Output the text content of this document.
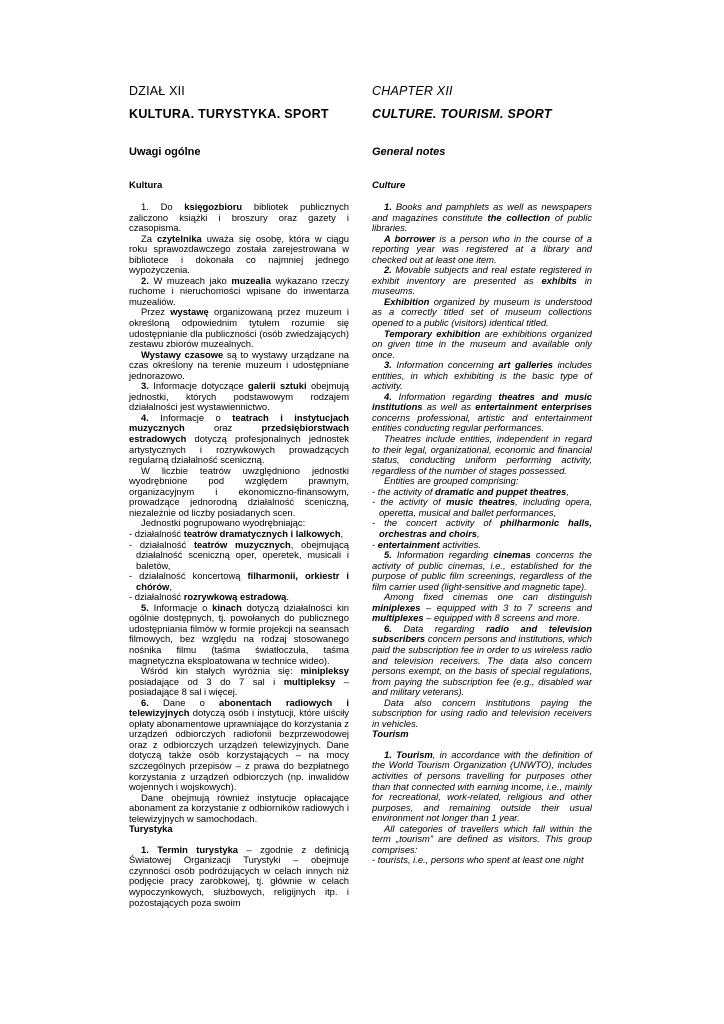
DZIAŁ XII

KULTURA. TURYSTYKA. SPORT

Uwagi ogólne

Kultura

1. Do księgozbioru bibliotek publicznych zaliczono książki i broszury oraz gazety i czasopisma.

Za czytelnika uważa się osobę, która w ciągu roku sprawozdawczego została zarejestrowana w bibliotece i dokonała co najmniej jednego wypożyczenia.

2. W muzeach jako muzealia wykazano rzeczy ruchome i nieruchomości wpisane do inwentarza muzealiów.

Przez wystawę organizowaną przez muzeum i określoną odpowiednim tytułem rozumie się udostępnianie dla publiczności (osób zwiedzających) zestawu zbiorów muzealnych.

Wystawy czasowe są to wystawy urządzane na czas określony na terenie muzeum i udostępniane jednorazowo.

3. Informacje dotyczące galerii sztuki obejmują jednostki, których podstawowym rodzajem działalności jest wystawiennictwo.

4. Informacje o teatrach i instytucjach muzycznych oraz przedsiębiorstwach estradowych dotyczą profesjonalnych jednostek artystycznych i rozrywkowych prowadzących regularną działalność sceniczną.

W liczbie teatrów uwzględniono jednostki wyodrębnione pod względem prawnym, organizacyjnym i ekonomiczno-finansowym, prowadzące jednorodną działalność sceniczną, niezależnie od liczby posiadanych scen.

Jednostki pogrupowano wyodrębniając:

- działalność teatrów dramatycznych i lalkowych,
- działalność teatrów muzycznych, obejmującą działalność sceniczną oper, operetek, musicali i baletów,
- działalność koncertową filharmonii, orkiestr i chórów,
- działalność rozrywkową estradową.

5. Informacje o kinach dotyczą działalności kin ogólnie dostępnych, tj. powołanych do publicznego udostępniania filmów w formie projekcji na seansach filmowych, bez względu na rodzaj stosowanego nośnika filmu (taśma światłoczuła, taśma magnetyczna eksploatowana w technice wideo).

Wśród kin stałych wyróżnia się: minipleksy posiadające od 3 do 7 sal i multipleksy – posiadające 8 sal i więcej.

6. Dane o abonentach radiowych i telewizyjnych dotyczą osób i instytucji, które uiściły opłaty abonamentowe uprawniające do korzystania z urządzeń odbiorczych radiofonii bezprzewodowej oraz z odbiorczych urządzeń telewizyjnych. Dane dotyczą także osób korzystających – na mocy szczególnych przepisów – z prawa do bezpłatnego korzystania z urządzeń odbiorczych (np. inwalidów wojennych i wojskowych).

Dane obejmują również instytucje opłacające abonament za korzystanie z odbiorników radiowych i telewizyjnych w samochodach.

Turystyka

1. Termin turystyka – zgodnie z definicją Światowej Organizacji Turystyki – obejmuje czynności osób podróżujących w celach innych niż podjęcie pracy zarobkowej, tj. głównie w celach wypoczynkowych, służbowych, religijnych itp. i pozostających poza swoim

CHAPTER XII

CULTURE. TOURISM. SPORT

General notes

Culture

1. Books and pamphlets as well as newspapers and magazines constitute the collection of public libraries.

A borrower is a person who in the course of a reporting year was registered at a library and checked out at least one item.

2. Movable subjects and real estate registered in exhibit inventory are presented as exhibits in museums.

Exhibition organized by museum is understood as a correctly titled set of museum collections opened to a public (visitors) identical titled.

Temporary exhibition are exhibitions organized on given time in the museum and available only once.

3. Information concerning art galleries includes entities, in which exhibiting is the basic type of activity.

4. Information regarding theatres and music institutions as well as entertainment enterprises concerns professional, artistic and entertainment entities conducting regular performances.

Theatres include entities, independent in regard to their legal, organizational, economic and financial status, conducting uniform performing activity, regardless of the number of stages possessed.

Entities are grouped comprising:

- the activity of dramatic and puppet theatres,
- the activity of music theatres, including opera, operetta, musical and ballet performances,
- the concert activity of philharmonic halls, orchestras and choirs,
- entertainment activities.

5. Information regarding cinemas concerns the activity of public cinemas, i.e., established for the purpose of public film screenings, regardless of the film carrier used (light-sensitive and magnetic tape).

Among fixed cinemas one can distinguish miniplexes – equipped with 3 to 7 screens and multiplexes – equipped with 8 screens and more.

6. Data regarding radio and television subscribers concern persons and institutions, which paid the subscription fee in order to us wireless radio and television receivers. The data also concern persons exempt, on the basis of special regulations, from paying the subscription fee (e.g., disabled war and military veterans).

Data also concern institutions paying the subscription for using radio and television receivers in vehicles.

Tourism

1. Tourism, in accordance with the definition of the World Tourism Organization (UNWTO), includes activities of persons travelling for purposes other than that connected with earning income, i.e., mainly for recreational, work-related, religious and other purposes, and remaining outside their usual environment not longer than 1 year.

All categories of travellers which fall within the term „tourism” are defined as visitors. This group comprises:

- tourists, i.e., persons who spent at least one night
